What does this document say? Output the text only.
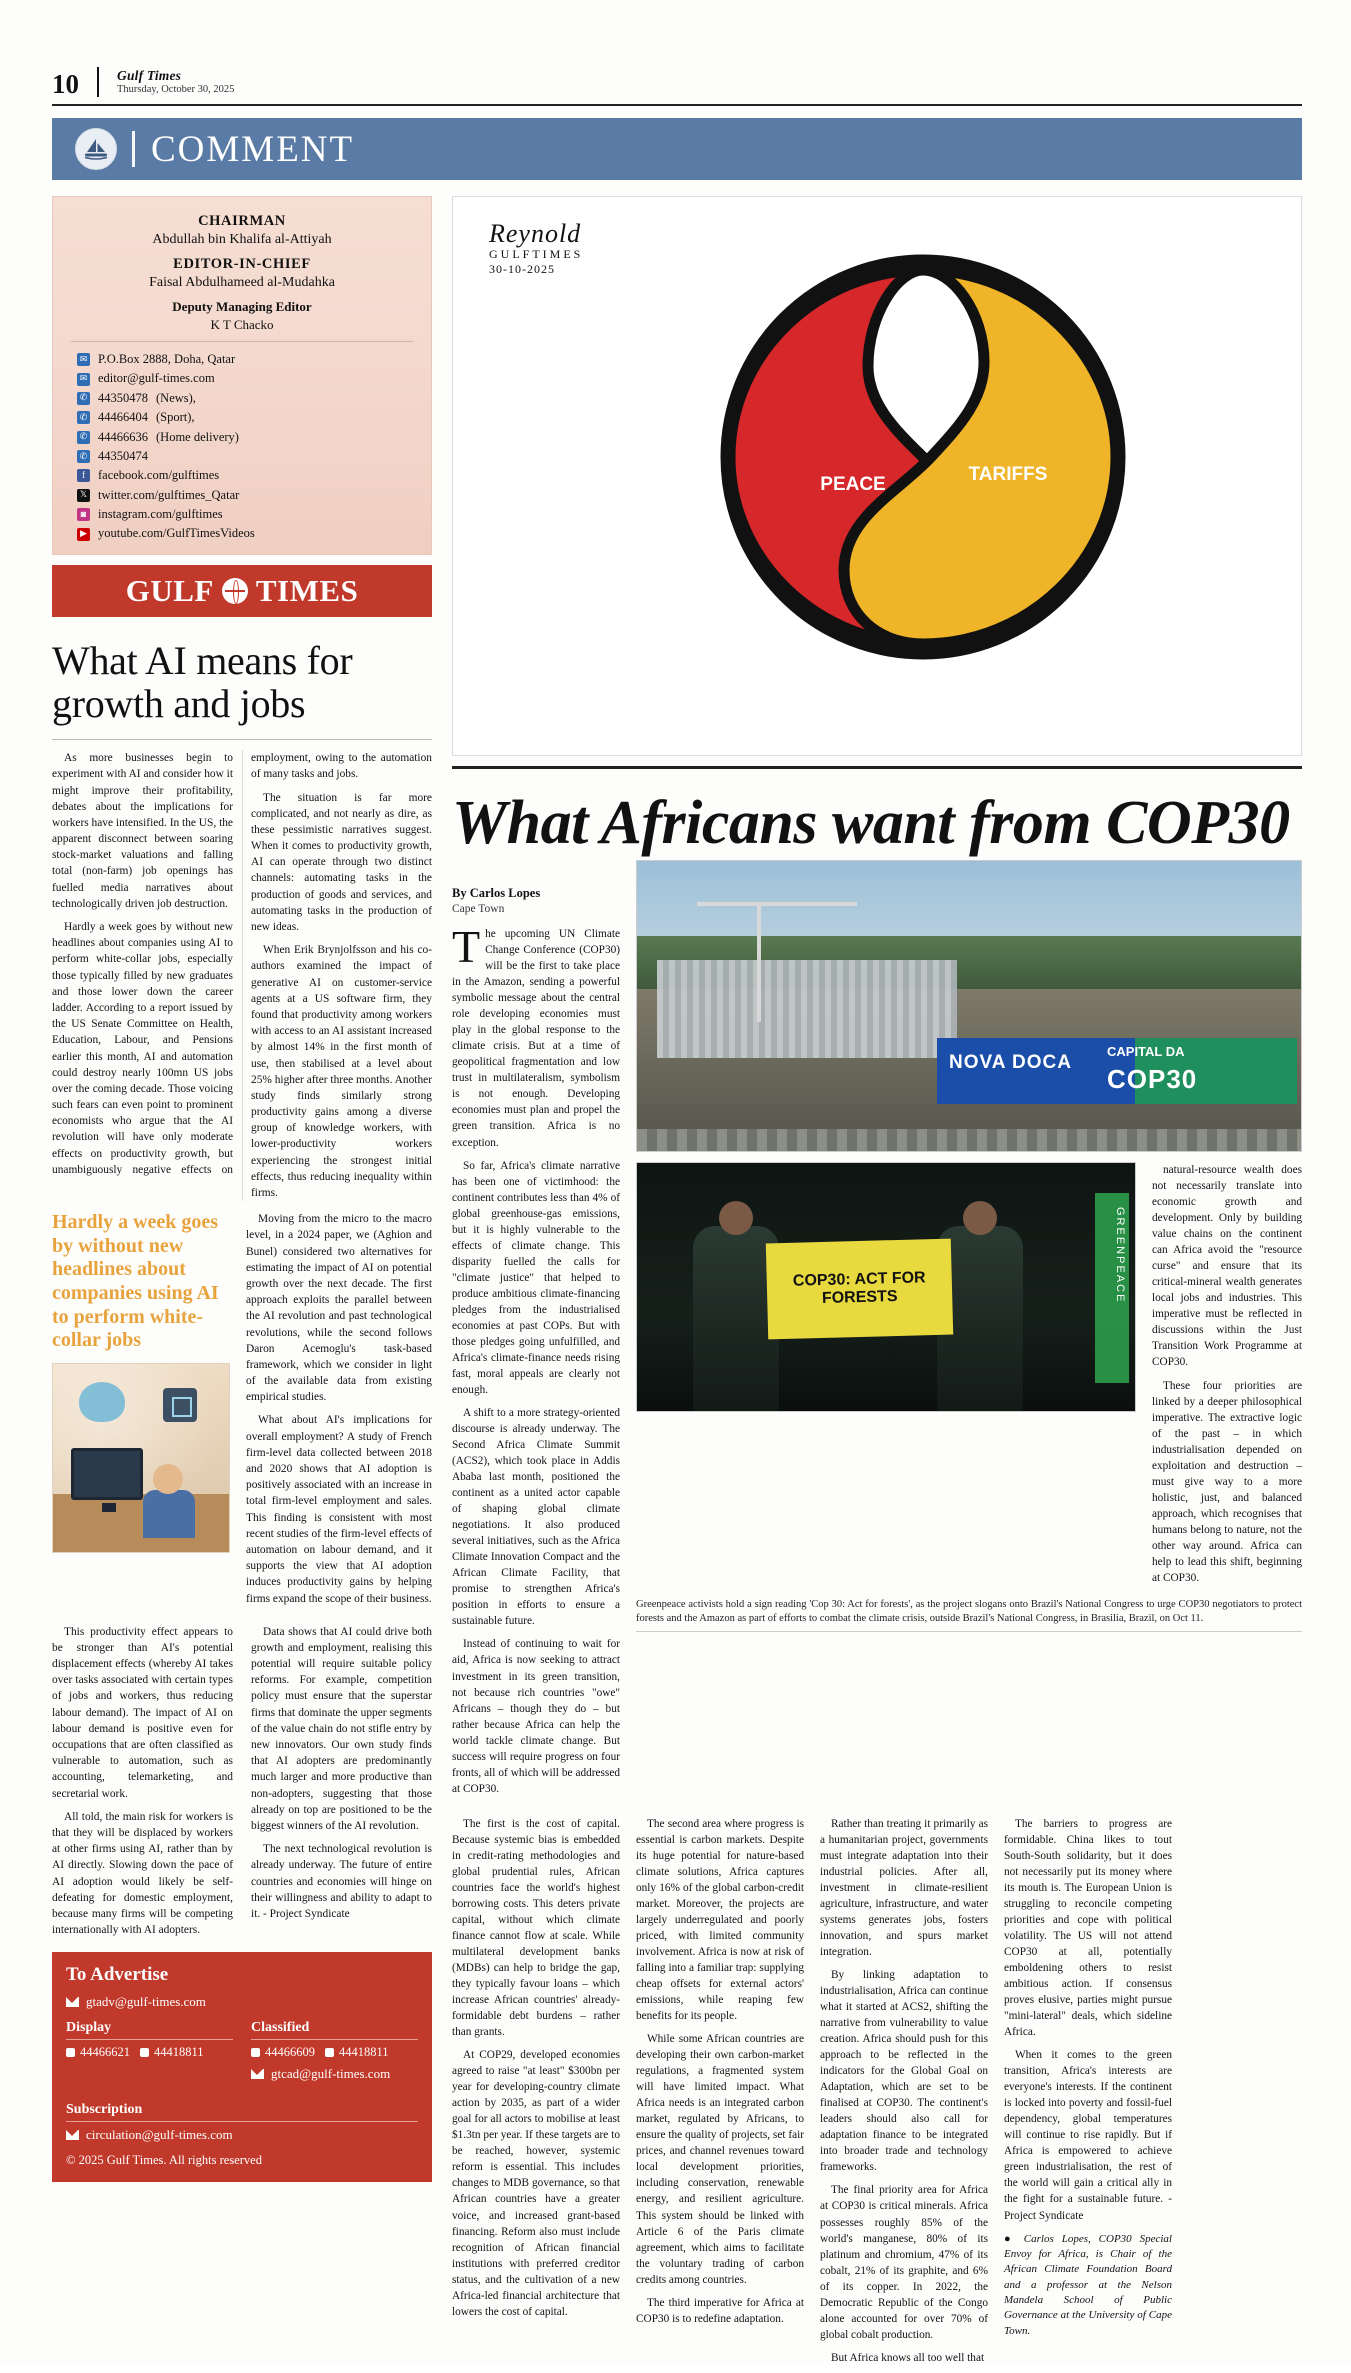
10	Gulf Times
Thursday, October 30, 2025
COMMENT
CHAIRMAN
Abdullah bin Khalifa al-Attiyah
EDITOR-IN-CHIEF
Faisal Abdulhameed al-Mudahka
Deputy Managing Editor
K T Chacko
✉ P.O.Box 2888, Doha, Qatar
✉ editor@gulf-times.com
✆ 44350478 (News),
✆ 44466404 (Sport),
✆ 44466636 (Home delivery)
✆ 44350474
f	facebook.com/gulftimes
𝕏 twitter.com/gulftimes_Qatar
◙ instagram.com/gulftimes
▶ youtube.com/GulfTimesVideos
GULF TIMES
What AI means for growth and jobs

As more businesses begin to experiment with AI and consider how it might improve their profitability, debates about the implications for workers have intensified. In the US, the apparent disconnect between soaring stock-market valuations and falling total (non-farm) job openings has fuelled media narratives about technologically driven job destruction.

Hardly a week goes by without new headlines about companies using AI to perform white-collar jobs, especially those typically filled by new graduates and those lower down the career ladder. According to a report issued by the US Senate Committee on Health, Education, Labour, and Pensions earlier this month, AI and automation could destroy nearly 100mn US jobs over the coming decade. Those voicing such fears can even point to prominent economists who argue that the AI revolution will have only moderate effects on productivity growth, but unambiguously negative effects on employment, owing to the automation of many tasks and jobs.

The situation is far more complicated, and not nearly as dire, as these pessimistic narratives suggest. When it comes to productivity growth, AI can operate through two distinct channels: automating tasks in the production of goods and services, and automating tasks in the production of new ideas.

When Erik Brynjolfsson and his co-authors examined the impact of generative AI on customer-service agents at a US software firm, they found that productivity among workers with access to an AI assistant increased by almost 14% in the first month of use, then stabilised at a level about 25% higher after three months. Another study finds similarly strong productivity gains among a diverse group of knowledge workers, with lower-productivity workers experiencing the strongest initial effects, thus reducing inequality within firms.

Hardly a week goes by without new headlines about companies using AI to perform white-collar jobs

Moving from the micro to the macro level, in a 2024 paper, we (Aghion and Bunel) considered two alternatives for estimating the impact of AI on potential growth over the next decade. The first approach exploits the parallel between the AI revolution and past technological revolutions, while the second follows Daron Acemoglu's task-based framework, which we consider in light of the available data from existing empirical studies.

What about AI's implications for overall employment? A study of French firm-level data collected between 2018 and 2020 shows that AI adoption is positively associated with an increase in total firm-level employment and sales. This finding is consistent with most recent studies of the firm-level effects of automation on labour demand, and it supports the view that AI adoption induces productivity gains by helping firms expand the scope of their business.

This productivity effect appears to be stronger than AI's potential displacement effects (whereby AI takes over tasks associated with certain types of jobs and workers, thus reducing labour demand). The impact of AI on labour demand is positive even for occupations that are often classified as vulnerable to automation, such as accounting, telemarketing, and secretarial work.

All told, the main risk for workers is that they will be displaced by workers at other firms using AI, rather than by AI directly. Slowing down the pace of AI adoption would likely be self-defeating for domestic employment, because many firms will be competing internationally with AI adopters.

Data shows that AI could drive both growth and employment, realising this potential will require suitable policy reforms. For example, competition policy must ensure that the superstar firms that dominate the upper segments of the value chain do not stifle entry by new innovators. Our own study finds that AI adopters are predominantly much larger and more productive than non-adopters, suggesting that those already on top are positioned to be the biggest winners of the AI revolution.

The next technological revolution is already underway. The future of entire countries and economies will hinge on their willingness and ability to adapt to it. - Project Syndicate

To Advertise
gtadv@gulf-times.com
Display
44466621 44418811
Classified
44466609 44418811
gtcad@gulf-times.com
Subscription
circulation@gulf-times.com
© 2025 Gulf Times. All rights reserved
Reynold
GULFTIMES
30-10-2025
PEACE	TARIFFS
What Africans want from COP30
By Carlos Lopes
Cape Town

The upcoming UN Climate Change Conference (COP30) will be the first to take place in the Amazon, sending a powerful symbolic message about the central role developing economies must play in the global response to the climate crisis. But at a time of geopolitical fragmentation and low trust in multilateralism, symbolism is not enough. Developing economies must plan and propel the green transition. Africa is no exception.

So far, Africa's climate narrative has been one of victimhood: the continent contributes less than 4% of global greenhouse-gas emissions, but it is highly vulnerable to the effects of climate change. This disparity fuelled the calls for "climate justice" that helped to produce ambitious climate-financing pledges from the industrialised economies at past COPs. But with those pledges going unfulfilled, and Africa's climate-finance needs rising fast, moral appeals are clearly not enough.

A shift to a more strategy-oriented discourse is already underway. The Second Africa Climate Summit (ACS2), which took place in Addis Ababa last month, positioned the continent as a united actor capable of shaping global climate negotiations. It also produced several initiatives, such as the Africa Climate Innovation Compact and the African Climate Facility, that promise to strengthen Africa's position in efforts to ensure a sustainable future.

Instead of continuing to wait for aid, Africa is now seeking to attract investment in its green transition, not because rich countries "owe" Africans – though they do – but rather because Africa can help the world tackle climate change. But success will require progress on four fronts, all of which will be addressed at COP30.

NOVA DOCA
CAPITAL DA
COP30
GREENPEACE
COP30: ACT FOR FORESTS

natural-resource wealth does not necessarily translate into economic growth and development. Only by building value chains on the continent can Africa avoid the "resource curse" and ensure that its critical-mineral wealth generates local jobs and industries. This imperative must be reflected in discussions within the Just Transition Work Programme at COP30.

These four priorities are linked by a deeper philosophical imperative. The extractive logic of the past – in which industrialisation depended on exploitation and destruction – must give way to a more holistic, just, and balanced approach, which recognises that humans belong to nature, not the other way around. Africa can help to lead this shift, beginning at COP30.

Greenpeace activists hold a sign reading 'Cop 30: Act for forests', as the project slogans onto Brazil's National Congress to urge COP30 negotiators to protect forests and the Amazon as part of efforts to combat the climate crisis, outside Brazil's National Congress, in Brasilia, Brazil, on Oct 11.

The first is the cost of capital. Because systemic bias is embedded in credit-rating methodologies and global prudential rules, African countries face the world's highest borrowing costs. This deters private capital, without which climate finance cannot flow at scale. While multilateral development banks (MDBs) can help to bridge the gap, they typically favour loans – which increase African countries' already-formidable debt burdens – rather than grants.

At COP29, developed economies agreed to raise "at least" $300bn per year for developing-country climate action by 2035, as part of a wider goal for all actors to mobilise at least $1.3tn per year. If these targets are to be reached, however, systemic reform is essential. This includes changes to MDB governance, so that African countries have a greater voice, and increased grant-based financing. Reform also must include recognition of African financial institutions with preferred creditor status, and the cultivation of a new Africa-led financial architecture that lowers the cost of capital.

The second area where progress is essential is carbon markets. Despite its huge potential for nature-based climate solutions, Africa captures only 16% of the global carbon-credit market. Moreover, the projects are largely underregulated and poorly priced, with limited community involvement. Africa is now at risk of falling into a familiar trap: supplying cheap offsets for external actors' emissions, while reaping few benefits for its people.

While some African countries are developing their own carbon-market regulations, a fragmented system will have limited impact. What Africa needs is an integrated carbon market, regulated by Africans, to ensure the quality of projects, set fair prices, and channel revenues toward local development priorities, including conservation, renewable energy, and resilient agriculture. This system should be linked with Article 6 of the Paris climate agreement, which aims to facilitate the voluntary trading of carbon credits among countries.

The third imperative for Africa at COP30 is to redefine adaptation.

Rather than treating it primarily as a humanitarian project, governments must integrate adaptation into their industrial policies. After all, investment in climate-resilient agriculture, infrastructure, and water systems generates jobs, fosters innovation, and spurs market integration.

By linking adaptation to industrialisation, Africa can continue what it started at ACS2, shifting the narrative from vulnerability to value creation. Africa should push for this approach to be reflected in the indicators for the Global Goal on Adaptation, which are set to be finalised at COP30. The continent's leaders should also call for adaptation finance to be integrated into broader trade and technology frameworks.

The final priority area for Africa at COP30 is critical minerals. Africa possesses roughly 85% of the world's manganese, 80% of its platinum and chromium, 47% of its cobalt, 21% of its graphite, and 6% of its copper. In 2022, the Democratic Republic of the Congo alone accounted for over 70% of global cobalt production.

But Africa knows all too well that

The barriers to progress are formidable. China likes to tout South-South solidarity, but it does not necessarily put its money where its mouth is. The European Union is struggling to reconcile competing priorities and cope with political volatility. The US will not attend COP30 at all, potentially emboldening others to resist ambitious action. If consensus proves elusive, parties might pursue "mini-lateral" deals, which sideline Africa.

When it comes to the green transition, Africa's interests are everyone's interests. If the continent is locked into poverty and fossil-fuel dependency, global temperatures will continue to rise rapidly. But if Africa is empowered to achieve green industrialisation, the rest of the world will gain a critical ally in the fight for a sustainable future. - Project Syndicate

● Carlos Lopes, COP30 Special Envoy for Africa, is Chair of the African Climate Foundation Board and a professor at the Nelson Mandela School of Public Governance at the University of Cape Town.
